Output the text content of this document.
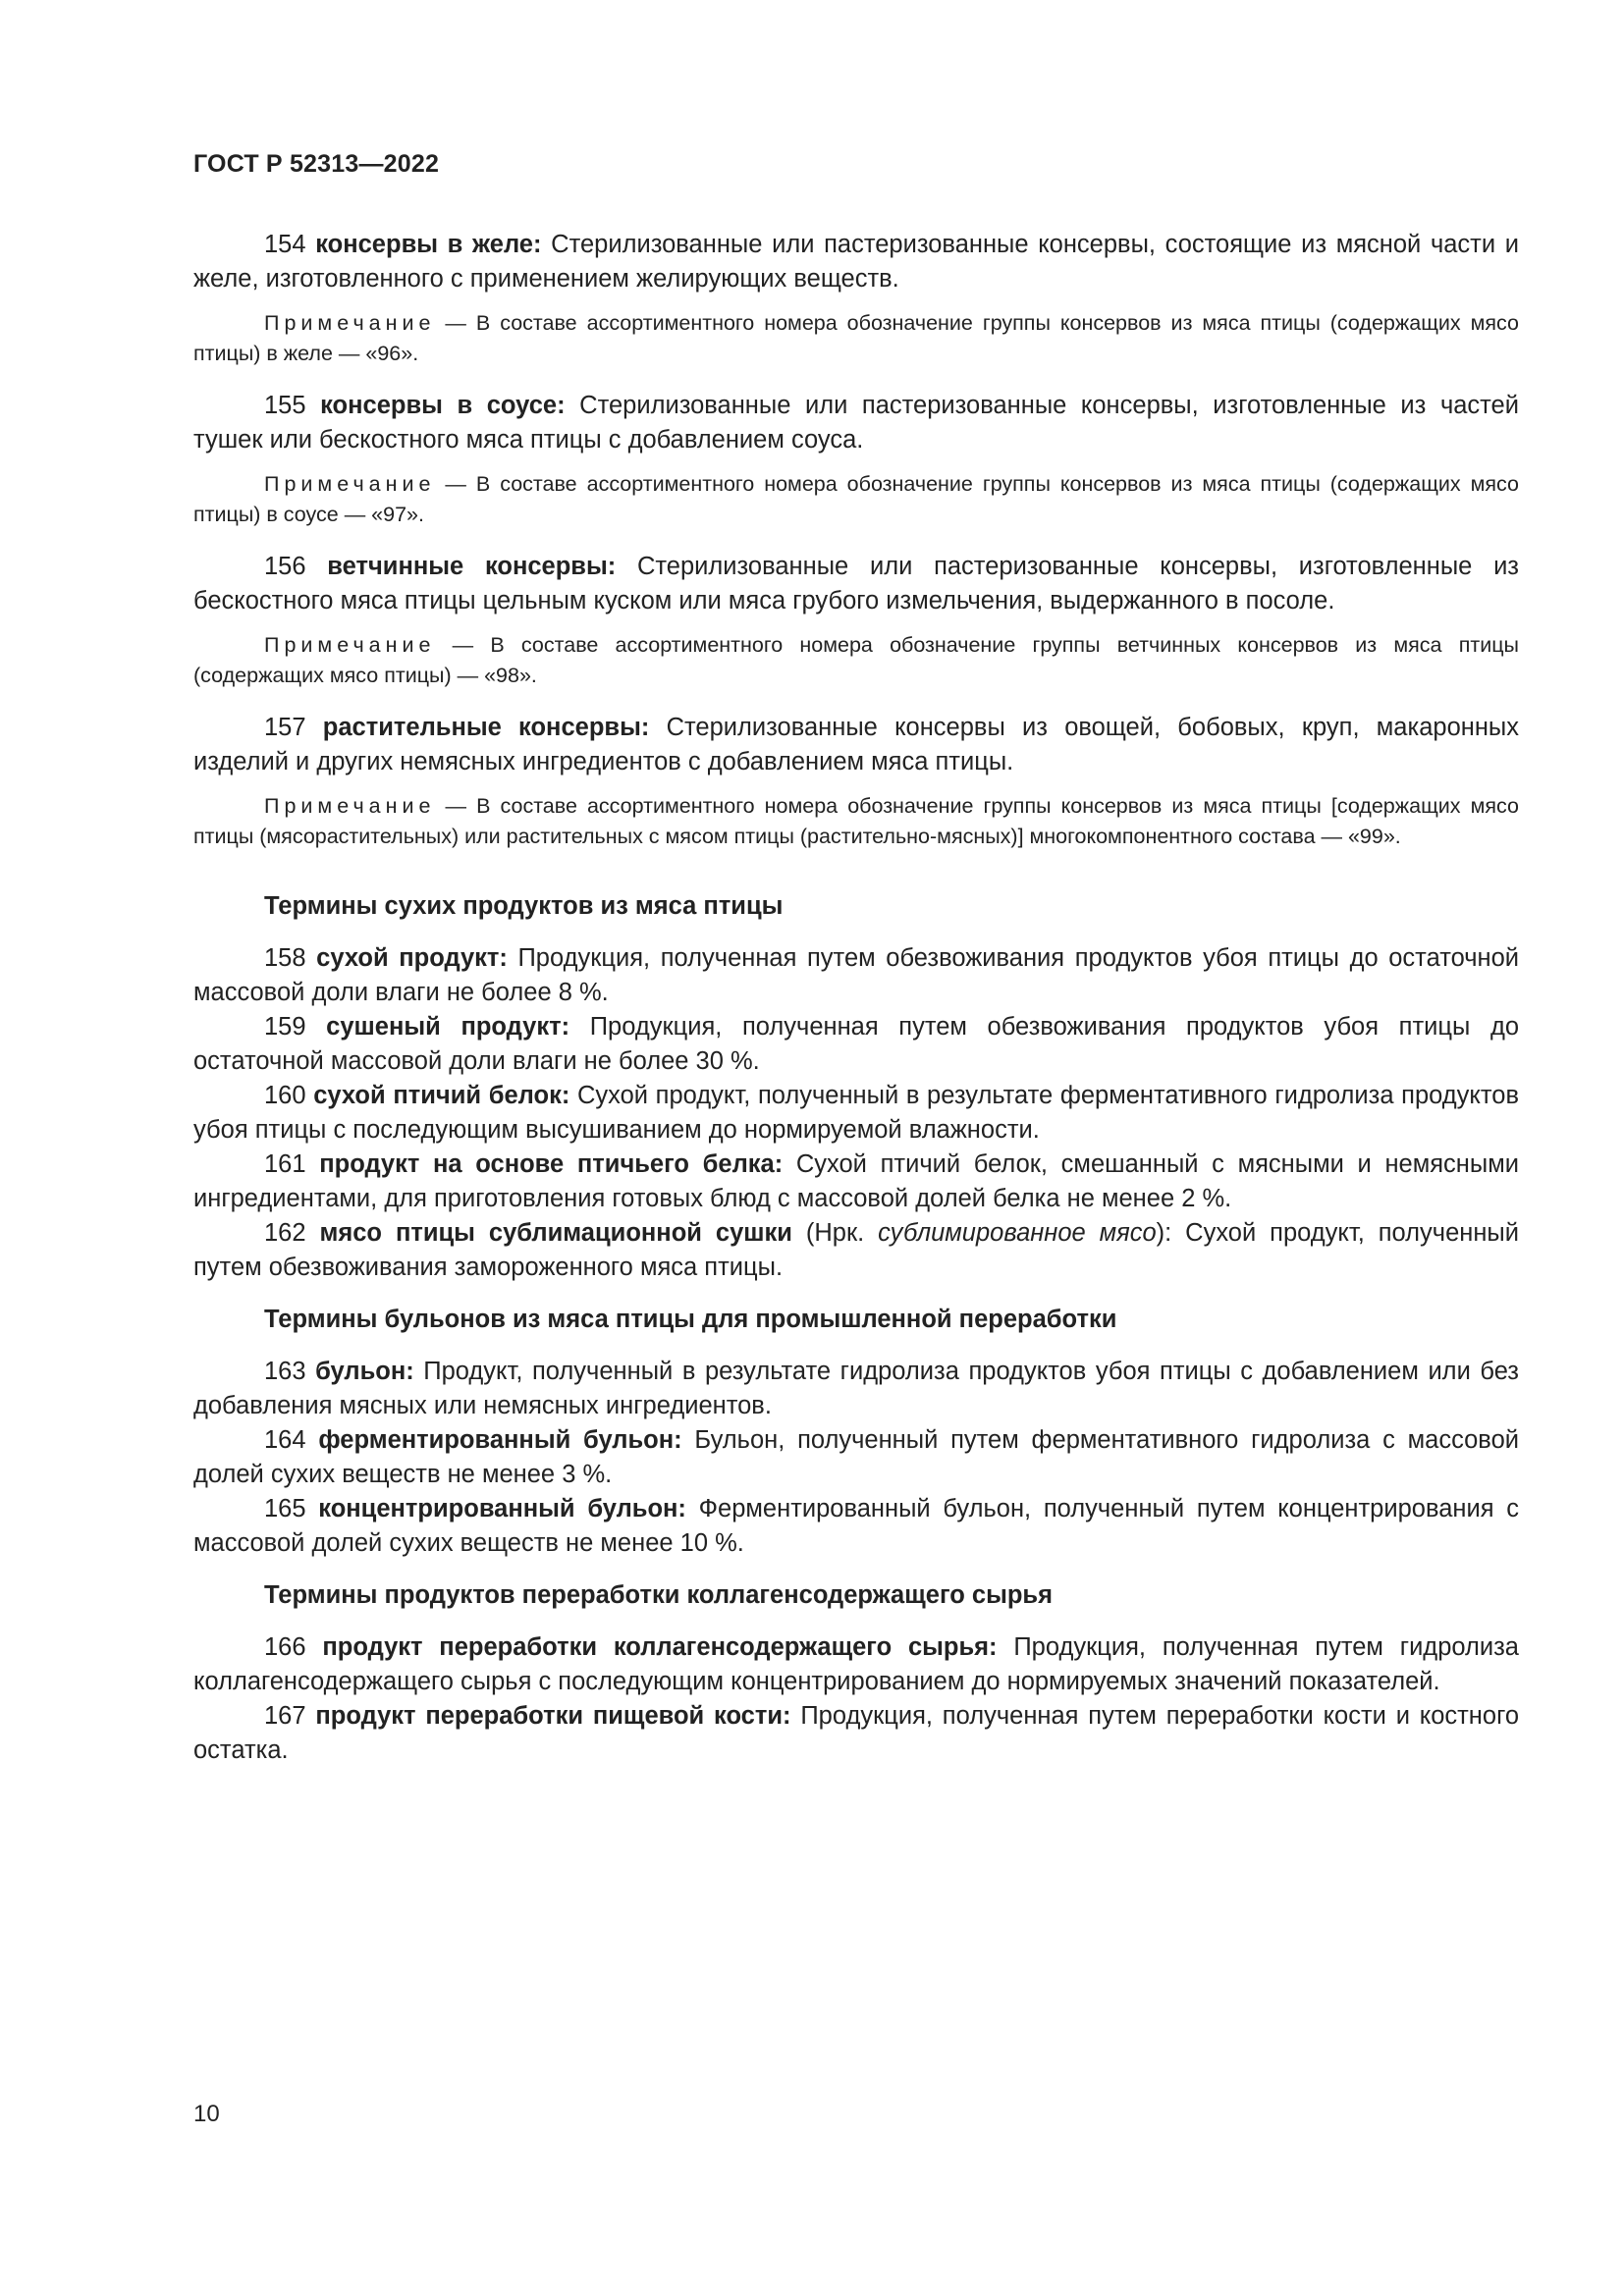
ГОСТ Р 52313—2022

154 консервы в желе: Стерилизованные или пастеризованные консервы, состоящие из мясной части и желе, изготовленного с применением желирующих веществ.

Примечание — В составе ассортиментного номера обозначение группы консервов из мяса птицы (содержащих мясо птицы) в желе — «96».

155 консервы в соусе: Стерилизованные или пастеризованные консервы, изготовленные из частей тушек или бескостного мяса птицы с добавлением соуса.

Примечание — В составе ассортиментного номера обозначение группы консервов из мяса птицы (содержащих мясо птицы) в соусе — «97».

156 ветчинные консервы: Стерилизованные или пастеризованные консервы, изготовленные из бескостного мяса птицы цельным куском или мяса грубого измельчения, выдержанного в посоле.

Примечание — В составе ассортиментного номера обозначение группы ветчинных консервов из мяса птицы (содержащих мясо птицы) — «98».

157 растительные консервы: Стерилизованные консервы из овощей, бобовых, круп, макаронных изделий и других немясных ингредиентов с добавлением мяса птицы.

Примечание — В составе ассортиментного номера обозначение группы консервов из мяса птицы [содержащих мясо птицы (мясорастительных) или растительных с мясом птицы (растительно-мясных)] многокомпонентного состава — «99».

Термины сухих продуктов из мяса птицы

158 сухой продукт: Продукция, полученная путем обезвоживания продуктов убоя птицы до остаточной массовой доли влаги не более 8 %.

159 сушеный продукт: Продукция, полученная путем обезвоживания продуктов убоя птицы до остаточной массовой доли влаги не более 30 %.

160 сухой птичий белок: Сухой продукт, полученный в результате ферментативного гидролиза продуктов убоя птицы с последующим высушиванием до нормируемой влажности.

161 продукт на основе птичьего белка: Сухой птичий белок, смешанный с мясными и немясными ингредиентами, для приготовления готовых блюд с массовой долей белка не менее 2 %.

162 мясо птицы сублимационной сушки (Нрк. сублимированное мясо): Сухой продукт, полученный путем обезвоживания замороженного мяса птицы.

Термины бульонов из мяса птицы для промышленной переработки

163 бульон: Продукт, полученный в результате гидролиза продуктов убоя птицы с добавлением или без добавления мясных или немясных ингредиентов.

164 ферментированный бульон: Бульон, полученный путем ферментативного гидролиза с массовой долей сухих веществ не менее 3 %.

165 концентрированный бульон: Ферментированный бульон, полученный путем концентрирования с массовой долей сухих веществ не менее 10 %.

Термины продуктов переработки коллагенсодержащего сырья

166 продукт переработки коллагенсодержащего сырья: Продукция, полученная путем гидролиза коллагенсодержащего сырья с последующим концентрированием до нормируемых значений показателей.

167 продукт переработки пищевой кости: Продукция, полученная путем переработки кости и костного остатка.

10
